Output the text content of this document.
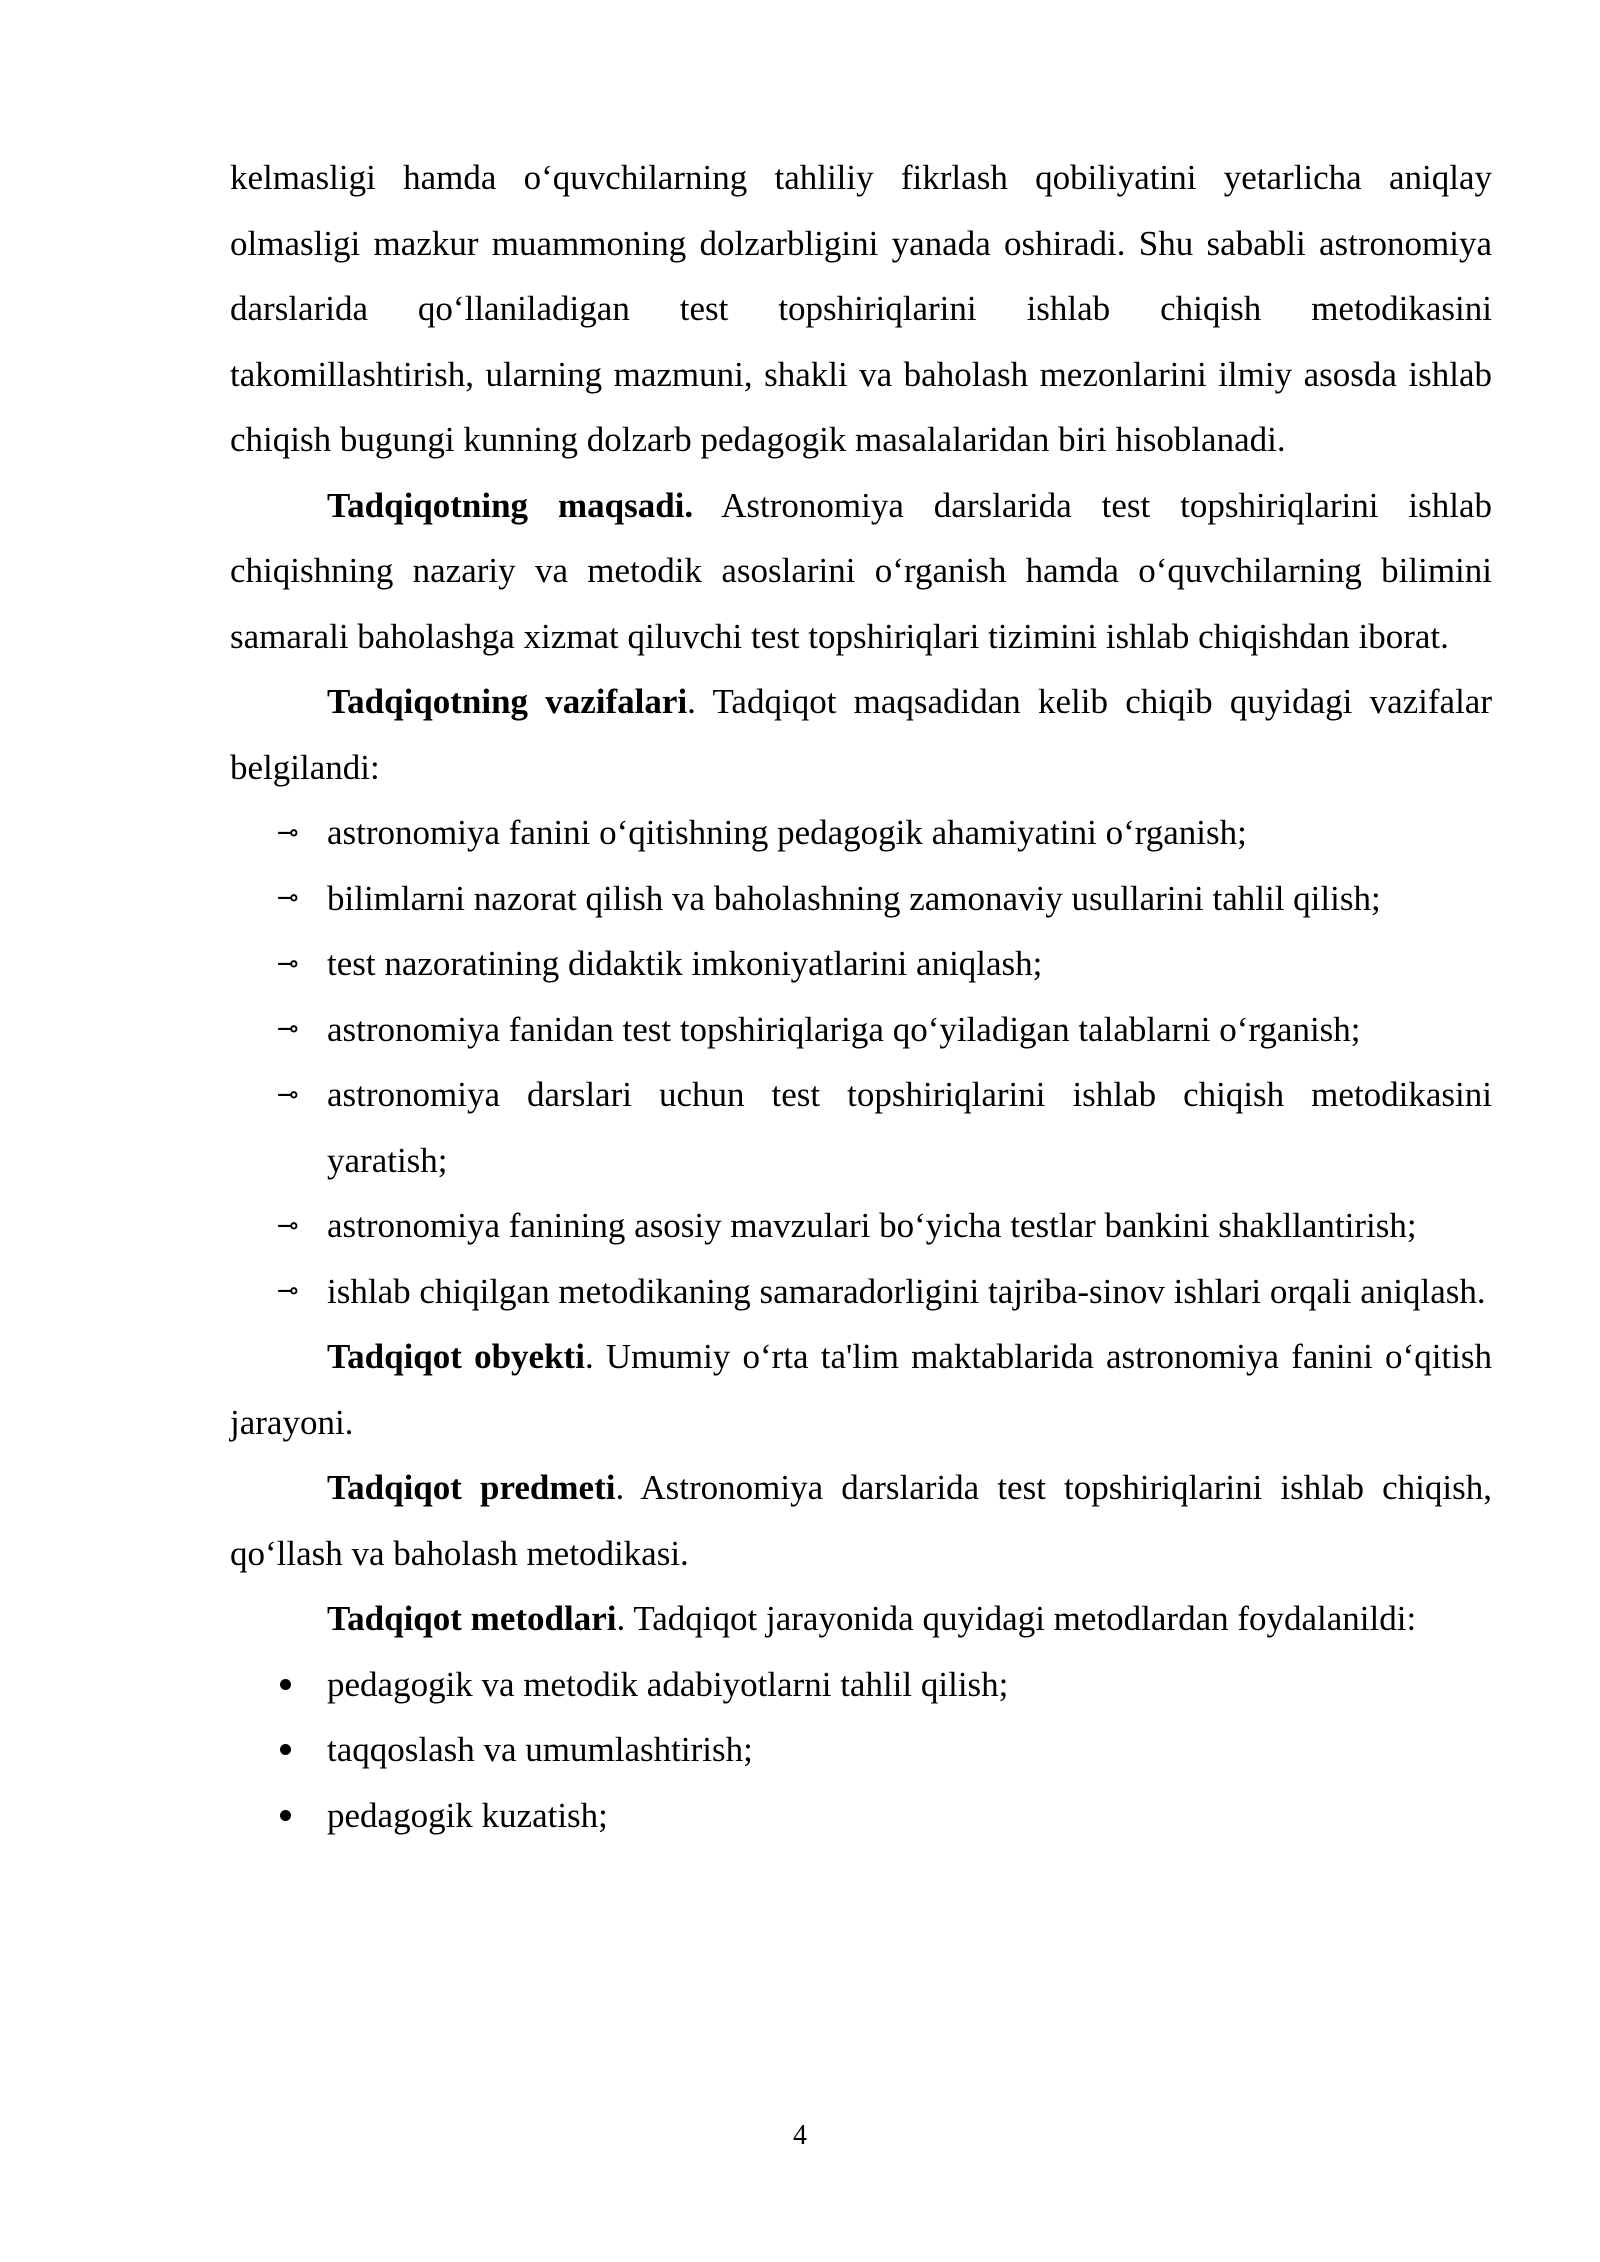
kelmasligi hamda o‘quvchilarning tahliliy fikrlash qobiliyatini yetarlicha aniqlay olmasligi mazkur muammoning dolzarbligini yanada oshiradi. Shu sababli astronomiya darslarida qo‘llaniladigan test topshiriqlarini ishlab chiqish metodikasini takomillashtirish, ularning mazmuni, shakli va baholash mezonlarini ilmiy asosda ishlab chiqish bugungi kunning dolzarb pedagogik masalalaridan biri hisoblanadi.

Tadqiqotning maqsadi. Astronomiya darslarida test topshiriqlarini ishlab chiqishning nazariy va metodik asoslarini o‘rganish hamda o‘quvchilarning bilimini samarali baholashga xizmat qiluvchi test topshiriqlari tizimini ishlab chiqishdan iborat.

Tadqiqotning vazifalari. Tadqiqot maqsadidan kelib chiqib quyidagi vazifalar belgilandi:

⊸ astronomiya fanini o‘qitishning pedagogik ahamiyatini o‘rganish;
⊸ bilimlarni nazorat qilish va baholashning zamonaviy usullarini tahlil qilish;
⊸ test nazoratining didaktik imkoniyatlarini aniqlash;
⊸ astronomiya fanidan test topshiriqlariga qo‘yiladigan talablarni o‘rganish;
⊸ astronomiya darslari uchun test topshiriqlarini ishlab chiqish metodikasini yaratish;
⊸ astronomiya fanining asosiy mavzulari bo‘yicha testlar bankini shakllantirish;
⊸ ishlab chiqilgan metodikaning samaradorligini tajriba-sinov ishlari orqali aniqlash.

Tadqiqot obyekti. Umumiy o‘rta ta'lim maktablarida astronomiya fanini o‘qitish jarayoni.

Tadqiqot predmeti. Astronomiya darslarida test topshiriqlarini ishlab chiqish, qo‘llash va baholash metodikasi.

Tadqiqot metodlari. Tadqiqot jarayonida quyidagi metodlardan foydalanildi:

pedagogik va metodik adabiyotlarni tahlil qilish;
taqqoslash va umumlashtirish;
pedagogik kuzatish;
4
